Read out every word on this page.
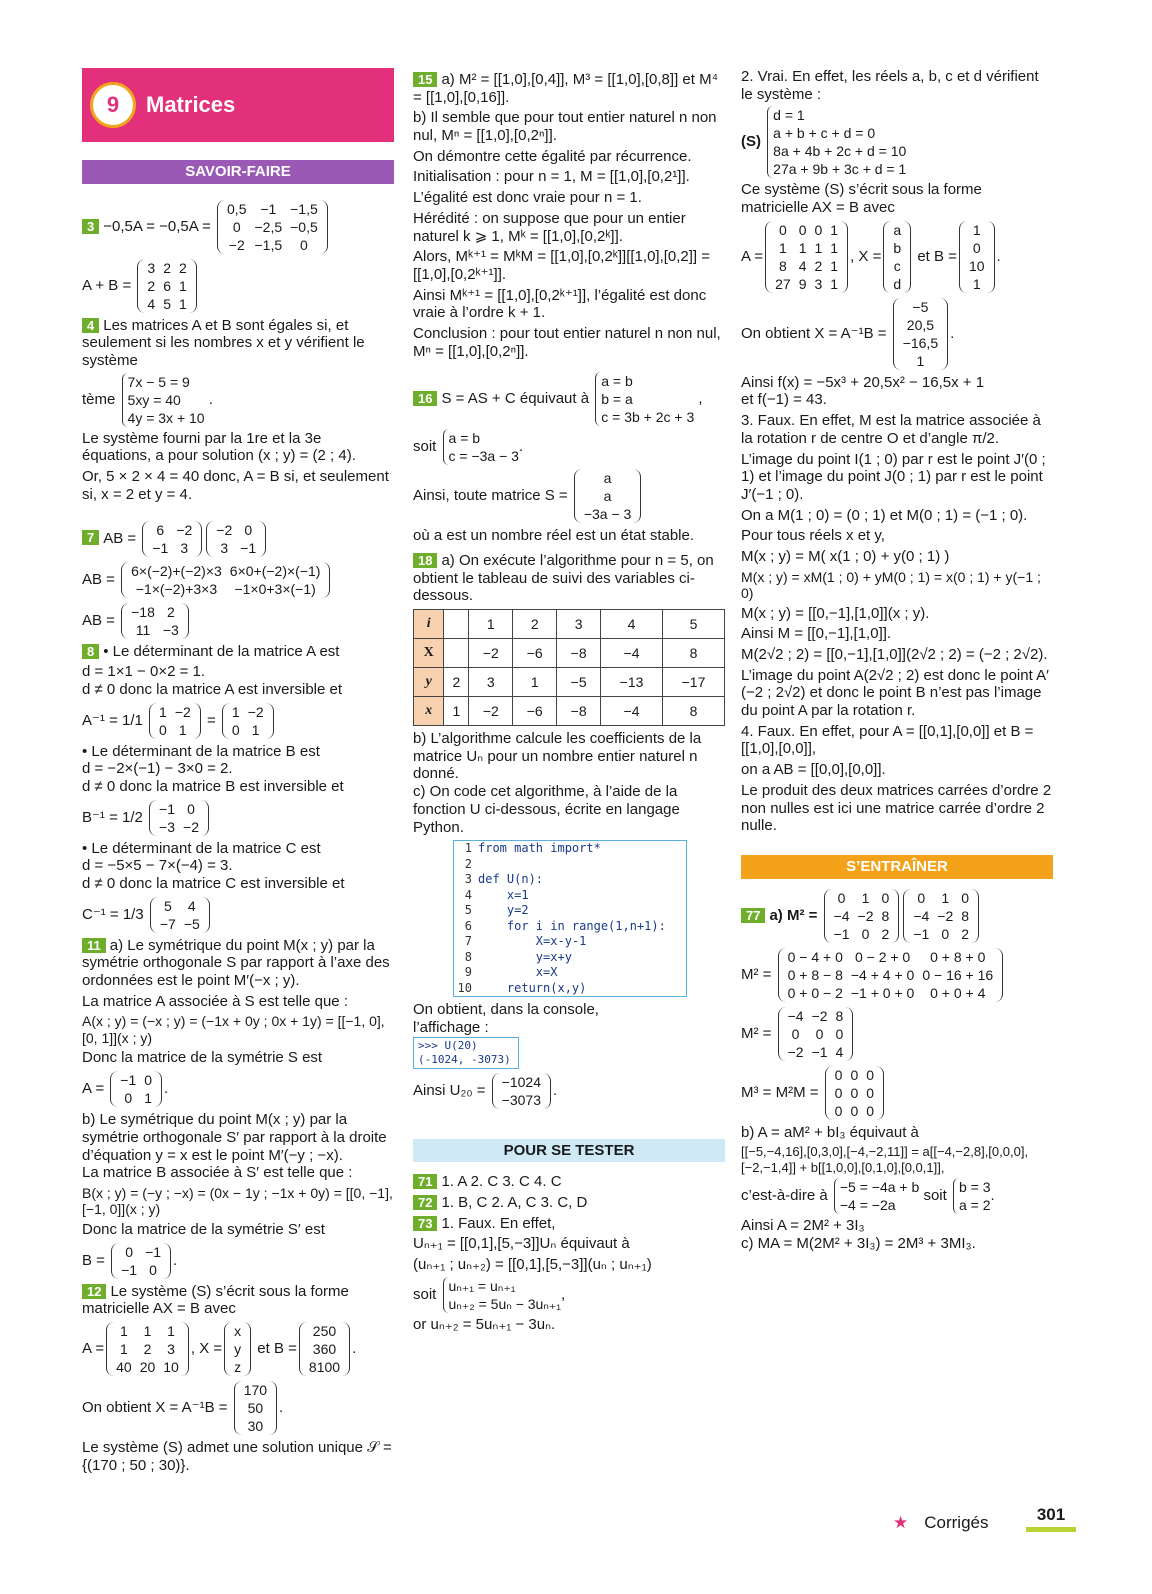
9	Matrices
SAVOIR-FAIRE
3 −0,5A = −0,5A =
0,5	−1	−1,5
0	−2,5	−0,5
−2	−1,5	0
A + B =
3	2	2
2	6	1
4	5	1
4 Les matrices A et B sont égales si, et seulement si les nombres x et y vérifient le système
tème
7x − 5 = 9
5xy = 40
4y = 3x + 10
.

Le système fourni par la 1re et la 3e équations, a pour solution (x ; y) = (2 ; 4).

Or, 5 × 2 × 4 = 40 donc, A = B si, et seulement si, x = 2 et y = 4.

7 AB = 6	−2
−1	3
−2	0
3	−1
AB = 6×(−2)+(−2)×3	6×0+(−2)×(−1)
−1×(−2)+3×3	−1×0+3×(−1)
AB = −18	2
11	−3
8 • Le déterminant de la matrice A est

d = 1×1 − 0×2 = 1.

d ≠ 0 donc la matrice A est inversible et

A⁻¹ = 1/1 1	−2
0	1
= 1	−2
0	1

• Le déterminant de la matrice B est

d = −2×(−1) − 3×0 = 2.

d ≠ 0 donc la matrice B est inversible et

B⁻¹ = 1/2 −1	0
−3	−2

• Le déterminant de la matrice C est

d = −5×5 − 7×(−4) = 3.

d ≠ 0 donc la matrice C est inversible et

C⁻¹ = 1/3 5	4
−7	−5
11 a) Le symétrique du point M(x ; y) par la symétrie orthogonale S par rapport à l’axe des ordonnées est le point M′(−x ; y).

La matrice A associée à S est telle que :

A(x ; y) = (−x ; y) = (−1x + 0y ; 0x + 1y) = [[−1, 0],[0, 1]](x ; y)

Donc la matrice de la symétrie S est

A = −1	0
0	1
.

b) Le symétrique du point M(x ; y) par la symétrie orthogonale S′ par rapport à la droite d’équation y = x est le point M′(−y ; −x).

La matrice B associée à S′ est telle que :

B(x ; y) = (−y ; −x) = (0x − 1y ; −1x + 0y) = [[0, −1],[−1, 0]](x ; y)

Donc la matrice de la symétrie S′ est

B = 0	−1
−1	0
.
12 Le système (S) s’écrit sous la forme matricielle AX = B avec
A =
1	1	1
1	2	3
40	20	10
, X =
x
y
z
et B =
250
360
8100
.
On obtient X = A⁻¹B =
170
50
30
.

Le système (S) admet une solution unique 𝒮 = {(170 ; 50 ; 30)}.

15 a) M² = [[1,0],[0,4]], M³ = [[1,0],[0,8]] et M⁴ = [[1,0],[0,16]].

b) Il semble que pour tout entier naturel n non nul, Mⁿ = [[1,0],[0,2ⁿ]].

On démontre cette égalité par récurrence.

Initialisation : pour n = 1, M = [[1,0],[0,2¹]].

L’égalité est donc vraie pour n = 1.

Hérédité : on suppose que pour un entier naturel k ⩾ 1, Mᵏ = [[1,0],[0,2ᵏ]].

Alors, Mᵏ⁺¹ = MᵏM = [[1,0],[0,2ᵏ]][[1,0],[0,2]] = [[1,0],[0,2ᵏ⁺¹]].

Ainsi Mᵏ⁺¹ = [[1,0],[0,2ᵏ⁺¹]], l’égalité est donc vraie à l’ordre k + 1.

Conclusion : pour tout entier naturel n non nul, Mⁿ = [[1,0],[0,2ⁿ]].

16 S = AS + C équivaut à
a = b
b = a
c = 3b + 2c + 3
,
soit a = b
c = −3a − 3
.
Ainsi, toute matrice S =
a
a
−3a − 3

où a est un nombre réel est un état stable.

18 a) On exécute l’algorithme pour n = 5, on obtient le tableau de suivi des variables ci-dessous.
i		1	2	3	4	5
X		−2	−6	−8	−4	8
y	2	3	1	−5	−13	−17
x	1	−2	−6	−8	−4	8

b) L’algorithme calcule les coefficients de la matrice Uₙ pour un nombre entier naturel n donné.

c) On code cet algorithme, à l’aide de la fonction U ci-dessous, écrite en langage Python.

1 from math import*
2
3 def U(n):
4    x=1
5    y=2
6    for i in range(1,n+1):
7        X=x-y-1
8        y=x+y
9        x=X
10    return(x,y)
On obtient, dans la console, l’affichage : >>> U(20)
(-1024, -3073)
Ainsi U₂₀ = −1024
−3073
.
POUR SE TESTER
71 1. A 2. C 3. C 4. C
72 1. B, C 2. A, C 3. C, D
73 1. Faux. En effet,

Uₙ₊₁ = [[0,1],[5,−3]]Uₙ équivaut à

(uₙ₊₁ ; uₙ₊₂) = [[0,1],[5,−3]](uₙ ; uₙ₊₁)

soit uₙ₊₁ = uₙ₊₁
uₙ₊₂ = 5uₙ − 3uₙ₊₁
,

or uₙ₊₂ = 5uₙ₊₁ − 3uₙ.

2. Vrai. En effet, les réels a, b, c et d vérifient le système :

(S)
d = 1
a + b + c + d = 0
8a + 4b + 2c + d = 10
27a + 9b + 3c + d = 1

Ce système (S) s’écrit sous la forme matricielle AX = B avec

A =
0	0	0	1
1	1	1	1
8	4	2	1
27	9	3	1
, X =
a
b
c
d
et B =
1
0
10
1
.
On obtient X = A⁻¹B =
−5
20,5
−16,5
1
.

Ainsi f(x) = −5x³ + 20,5x² − 16,5x + 1

et f(−1) = 43.

3. Faux. En effet, M est la matrice associée à la rotation r de centre O et d’angle π/2.

L’image du point I(1 ; 0) par r est le point J′(0 ; 1) et l’image du point J(0 ; 1) par r est le point J′(−1 ; 0).

On a M(1 ; 0) = (0 ; 1) et M(0 ; 1) = (−1 ; 0).

Pour tous réels x et y,

M(x ; y) = M( x(1 ; 0) + y(0 ; 1) )

M(x ; y) = xM(1 ; 0) + yM(0 ; 1) = x(0 ; 1) + y(−1 ; 0)

M(x ; y) = [[0,−1],[1,0]](x ; y).

Ainsi M = [[0,−1],[1,0]].

M(2√2 ; 2) = [[0,−1],[1,0]](2√2 ; 2) = (−2 ; 2√2).

L’image du point A(2√2 ; 2) est donc le point A′(−2 ; 2√2) et donc le point B n’est pas l’image du point A par la rotation r.

4. Faux. En effet, pour A = [[0,1],[0,0]] et B = [[1,0],[0,0]],

on a AB = [[0,0],[0,0]].

Le produit des deux matrices carrées d’ordre 2 non nulles est ici une matrice carrée d’ordre 2 nulle.

S’ENTRAÎNER
77 a) M² =
0	1	0
−4	−2	8
−1	0	2
0	1	0
−4	−2	8
−1	0	2
M² =
0 − 4 + 0	0 − 2 + 0	0 + 8 + 0
0 + 8 − 8	−4 + 4 + 0	0 − 16 + 16
0 + 0 − 2	−1 + 0 + 0	0 + 0 + 4
M² =
−4	−2	8
0	0	0
−2	−1	4
M³ = M²M =
0	0	0
0	0	0
0	0	0

b) A = aM² + bI₃ équivaut à

[[−5,−4,16],[0,3,0],[−4,−2,11]] = a[[−4,−2,8],[0,0,0],[−2,−1,4]] + b[[1,0,0],[0,1,0],[0,0,1]],

c’est-à-dire à −5 = −4a + b
−4 = −2a
soit b = 3
a = 2
.

Ainsi A = 2M² + 3I₃

c) MA = M(2M² + 3I₃) = 2M³ + 3MI₃.

★ Corrigés	301
